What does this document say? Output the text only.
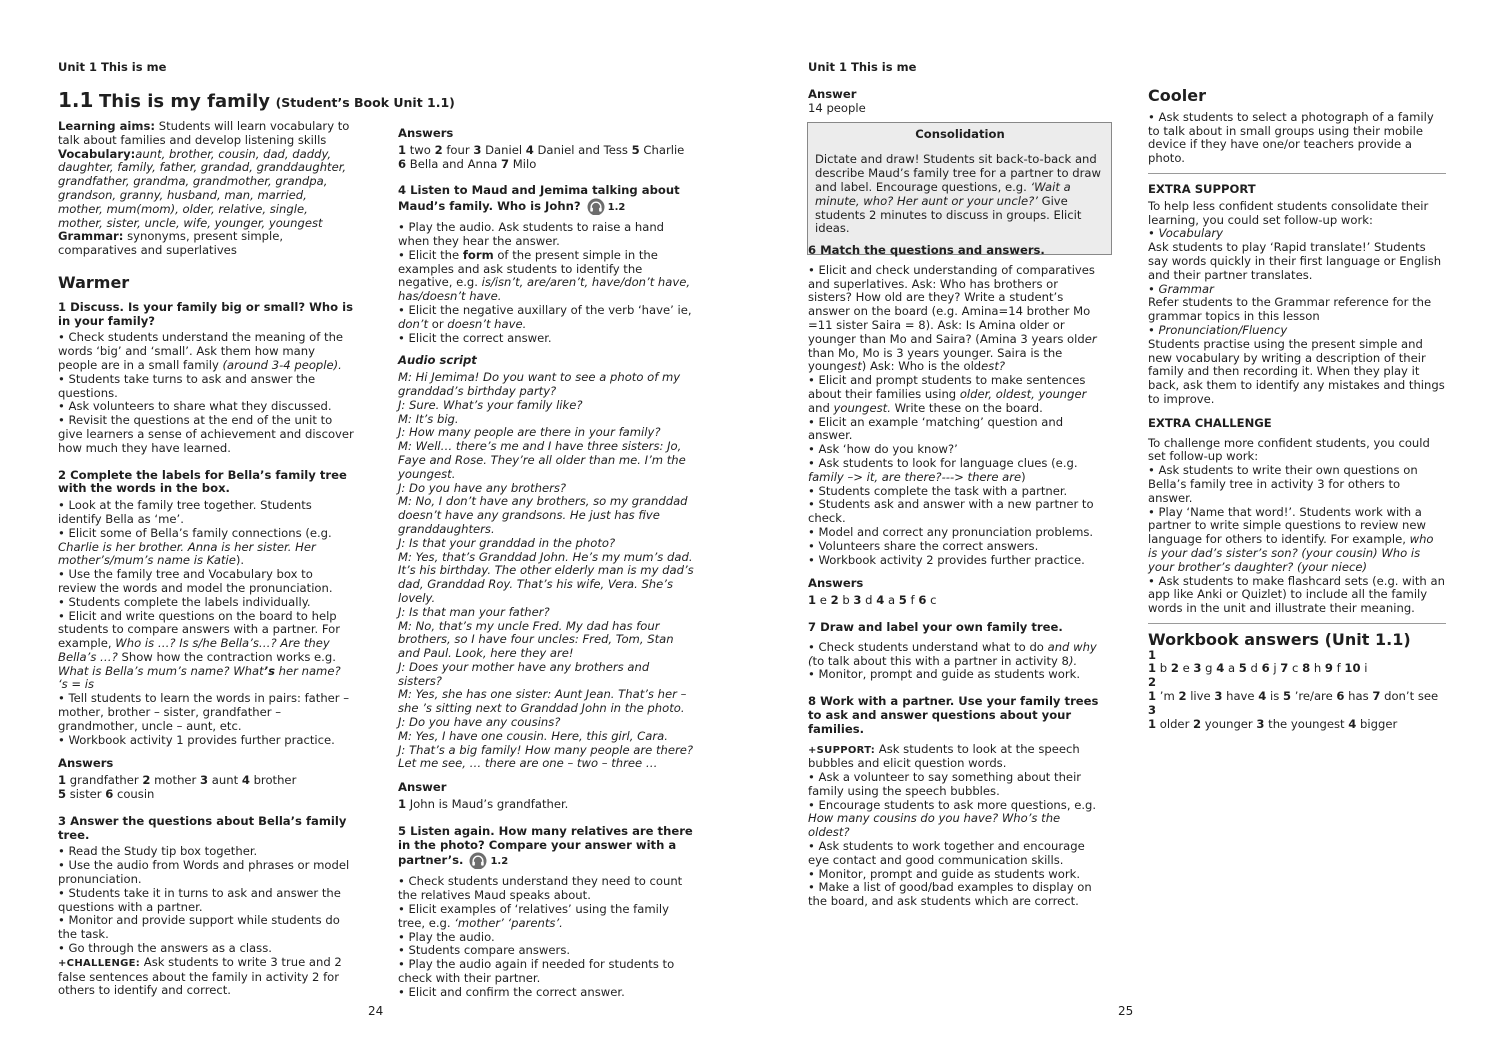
Unit 1 This is me
1.1 This is my family (Student’s Book Unit 1.1)

Learning aims: Students will learn vocabulary to talk about families and develop listening skills

Vocabulary:aunt, brother, cousin, dad, daddy, daughter, family, father, grandad, granddaughter, grandfather, grandma, grandmother, grandpa, grandson, granny, husband, man, married, mother, mum(mom), older, relative, single, mother, sister, uncle, wife, younger, youngest

Grammar: synonyms, present simple, comparatives and superlatives

Warmer
1 Discuss. Is your family big or small? Who is in your family?

• Check students understand the meaning of the words ‘big’ and ‘small’. Ask them how many people are in a small family (around 3-4 people).

• Students take turns to ask and answer the questions.

• Ask volunteers to share what they discussed.

• Revisit the questions at the end of the unit to give learners a sense of achievement and discover how much they have learned.

2 Complete the labels for Bella’s family tree with the words in the box.

• Look at the family tree together. Students identify Bella as ‘me’.

• Elicit some of Bella’s family connections (e.g. Charlie is her brother. Anna is her sister. Her mother’s/mum’s name is Katie).

• Use the family tree and Vocabulary box to review the words and model the pronunciation.

• Students complete the labels individually.

• Elicit and write questions on the board to help students to compare answers with a partner. For example, Who is …? Is s/he Bella’s…? Are they Bella’s …? Show how the contraction works e.g. What is Bella’s mum’s name? What’s her name? ‘s = is

• Tell students to learn the words in pairs: father – mother, brother – sister, grandfather – grandmother, uncle – aunt, etc.

• Workbook activity 1 provides further practice.

Answers

1 grandfather 2 mother 3 aunt 4 brother
5 sister 6 cousin

3 Answer the questions about Bella’s family tree.

• Read the Study tip box together.

• Use the audio from Words and phrases or model pronunciation.

• Students take it in turns to ask and answer the questions with a partner.

• Monitor and provide support while students do the task.

• Go through the answers as a class.

+CHALLENGE: Ask students to write 3 true and 2 false sentences about the family in activity 2 for others to identify and correct.

Answers

1 two 2 four 3 Daniel 4 Daniel and Tess 5 Charlie
6 Bella and Anna 7 Milo

4 Listen to Maud and Jemima talking about Maud’s family. Who is John?	1.2

• Play the audio. Ask students to raise a hand when they hear the answer.

• Elicit the form of the present simple in the examples and ask students to identify the negative, e.g. is/isn’t, are/aren’t, have/don’t have, has/doesn’t have.

• Elicit the negative auxillary of the verb ‘have’ ie, don’t or doesn’t have.

• Elicit the correct answer.

Audio script

M: Hi Jemima! Do you want to see a photo of my granddad’s birthday party?

J: Sure. What’s your family like?

M: It’s big.

J: How many people are there in your family?

M: Well… there’s me and I have three sisters: Jo, Faye and Rose. They’re all older than me. I’m the youngest.

J: Do you have any brothers?

M: No, I don’t have any brothers, so my granddad doesn’t have any grandsons. He just has five granddaughters.

J: Is that your granddad in the photo?

M: Yes, that’s Granddad John. He’s my mum’s dad. It’s his birthday. The other elderly man is my dad’s dad, Granddad Roy. That’s his wife, Vera. She’s lovely.

J: Is that man your father?

M: No, that’s my uncle Fred. My dad has four brothers, so I have four uncles: Fred, Tom, Stan and Paul. Look, here they are!

J: Does your mother have any brothers and sisters?

M: Yes, she has one sister: Aunt Jean. That’s her – she ’s sitting next to Granddad John in the photo.

J: Do you have any cousins?

M: Yes, I have one cousin. Here, this girl, Cara.

J: That’s a big family! How many people are there? Let me see, … there are one – two – three …

Answer

1 John is Maud’s grandfather.

5 Listen again. How many relatives are there in the photo? Compare your answer with a partner’s.	1.2

• Check students understand they need to count the relatives Maud speaks about.

• Elicit examples of ‘relatives’ using the family tree, e.g. ‘mother’ ‘parents’.

• Play the audio.

• Students compare answers.

• Play the audio again if needed for students to check with their partner.

• Elicit and confirm the correct answer.

24
Unit 1 This is me
Answer

14 people

Consolidation

Dictate and draw! Students sit back-to-back and describe Maud’s family tree for a partner to draw and label. Encourage questions, e.g. ‘Wait a minute, who? Her aunt or your uncle?’ Give students 2 minutes to discuss in groups. Elicit ideas.

6 Match the questions and answers.

• Elicit and check understanding of comparatives and superlatives. Ask: Who has brothers or sisters? How old are they? Write a student’s answer on the board (e.g. Amina=14 brother Mo =11 sister Saira = 8). Ask: Is Amina older or younger than Mo and Saira? (Amina 3 years older than Mo, Mo is 3 years younger. Saira is the youngest) Ask: Who is the oldest?

• Elicit and prompt students to make sentences about their families using older, oldest, younger and youngest. Write these on the board.

• Elicit an example ‘matching’ question and answer.

• Ask ‘how do you know?’

• Ask students to look for language clues (e.g. family –> it, are there?---> there are)

• Students complete the task with a partner.

• Students ask and answer with a new partner to check.

• Model and correct any pronunciation problems.

• Volunteers share the correct answers.

• Workbook activity 2 provides further practice.

Answers

1 e 2 b 3 d 4 a 5 f 6 c

7 Draw and label your own family tree.

• Check students understand what to do and why (to talk about this with a partner in activity 8).

• Monitor, prompt and guide as students work.

8 Work with a partner. Use your family trees to ask and answer questions about your families.

+SUPPORT: Ask students to look at the speech bubbles and elicit question words.

• Ask a volunteer to say something about their family using the speech bubbles.

• Encourage students to ask more questions, e.g. How many cousins do you have? Who’s the oldest?

• Ask students to work together and encourage eye contact and good communication skills.

• Monitor, prompt and guide as students work.

• Make a list of good/bad examples to display on the board, and ask students which are correct.

Cooler

• Ask students to select a photograph of a family to talk about in small groups using their mobile device if they have one/or teachers provide a photo.

EXTRA SUPPORT

To help less confident students consolidate their learning, you could set follow-up work:

• Vocabulary

Ask students to play ‘Rapid translate!’ Students say words quickly in their first language or English and their partner translates.

• Grammar

Refer students to the Grammar reference for the grammar topics in this lesson

• Pronunciation/Fluency

Students practise using the present simple and new vocabulary by writing a description of their family and then recording it. When they play it back, ask them to identify any mistakes and things to improve.

EXTRA CHALLENGE

To challenge more confident students, you could set follow-up work:

• Ask students to write their own questions on Bella’s family tree in activity 3 for others to answer.

• Play ‘Name that word!’. Students work with a partner to write simple questions to review new language for others to identify. For example, who is your dad’s sister’s son? (your cousin) Who is your brother’s daughter? (your niece)

• Ask students to make flashcard sets (e.g. with an app like Anki or Quizlet) to include all the family words in the unit and illustrate their meaning.

Workbook answers (Unit 1.1)

1

1 b 2 e 3 g 4 a 5 d 6 j 7 c 8 h 9 f 10 i

2

1 ’m 2 live 3 have 4 is 5 ’re/are 6 has 7 don’t see

3

1 older 2 younger 3 the youngest 4 bigger

25
